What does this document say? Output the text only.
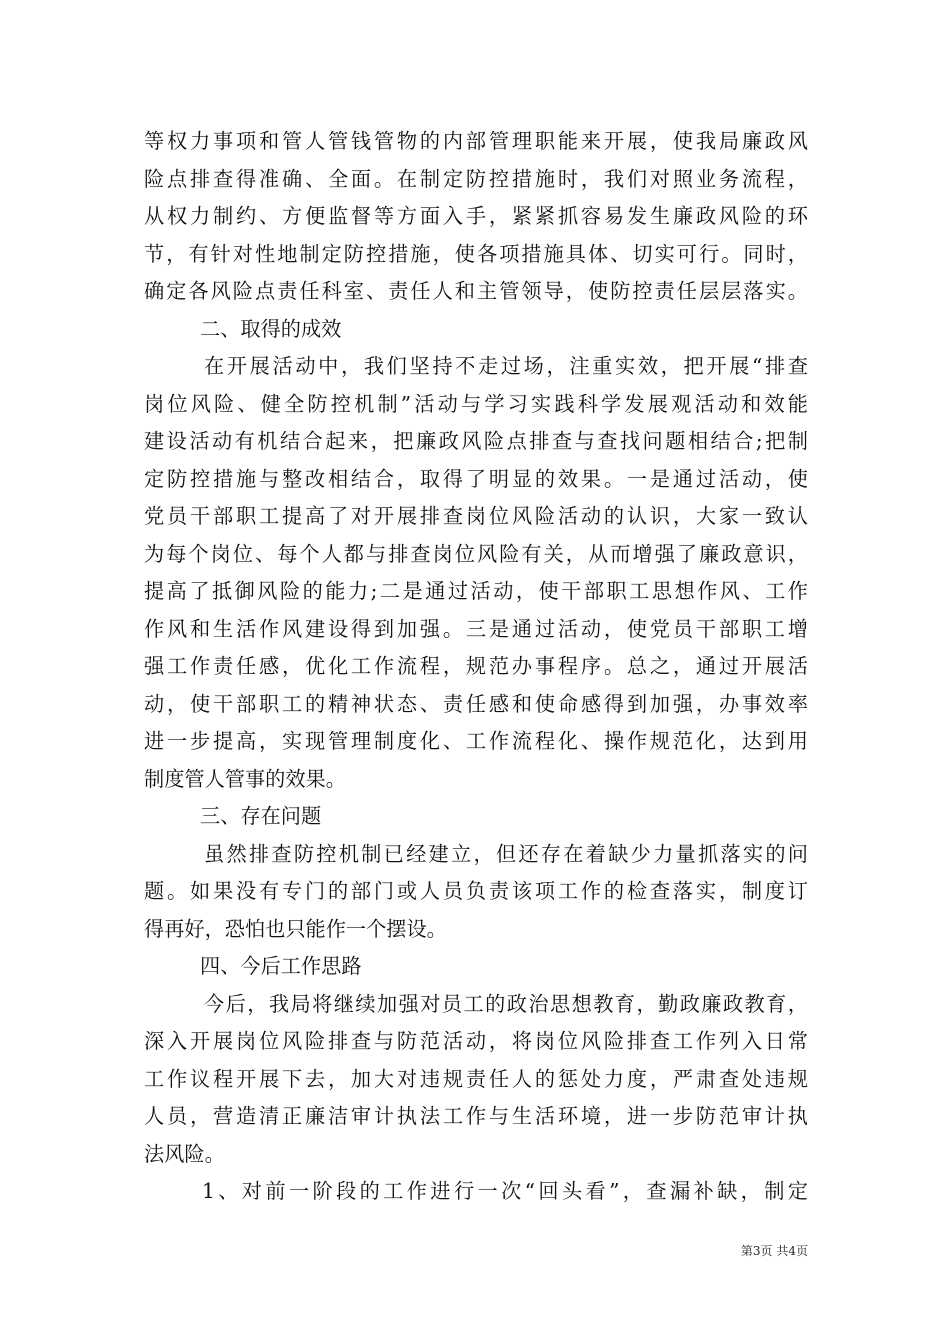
等权力事项和管人管钱管物的内部管理职能来开展，使我局廉政风
险点排查得准确、全面。在制定防控措施时，我们对照业务流程，
从权力制约、方便监督等方面入手，紧紧抓容易发生廉政风险的环
节，有针对性地制定防控措施，使各项措施具体、切实可行。同时，
确定各风险点责任科室、责任人和主管领导，使防控责任层层落实。
二、取得的成效
在开展活动中，我们坚持不走过场，注重实效，把开展“排查
岗位风险、健全防控机制”活动与学习实践科学发展观活动和效能
建设活动有机结合起来，把廉政风险点排查与查找问题相结合;把制
定防控措施与整改相结合，取得了明显的效果。一是通过活动，使
党员干部职工提高了对开展排查岗位风险活动的认识，大家一致认
为每个岗位、每个人都与排查岗位风险有关，从而增强了廉政意识，
提高了抵御风险的能力;二是通过活动，使干部职工思想作风、工作
作风和生活作风建设得到加强。三是通过活动，使党员干部职工增
强工作责任感，优化工作流程，规范办事程序。总之，通过开展活
动，使干部职工的精神状态、责任感和使命感得到加强，办事效率
进一步提高，实现管理制度化、工作流程化、操作规范化，达到用
制度管人管事的效果。
三、存在问题
虽然排查防控机制已经建立，但还存在着缺少力量抓落实的问
题。如果没有专门的部门或人员负责该项工作的检查落实，制度订
得再好，恐怕也只能作一个摆设。
四、今后工作思路
今后，我局将继续加强对员工的政治思想教育，勤政廉政教育，
深入开展岗位风险排查与防范活动，将岗位风险排查工作列入日常
工作议程开展下去，加大对违规责任人的惩处力度，严肃查处违规
人员，营造清正廉洁审计执法工作与生活环境，进一步防范审计执
法风险。
1、对前一阶段的工作进行一次“回头看”，查漏补缺，制定
第3页 共4页
